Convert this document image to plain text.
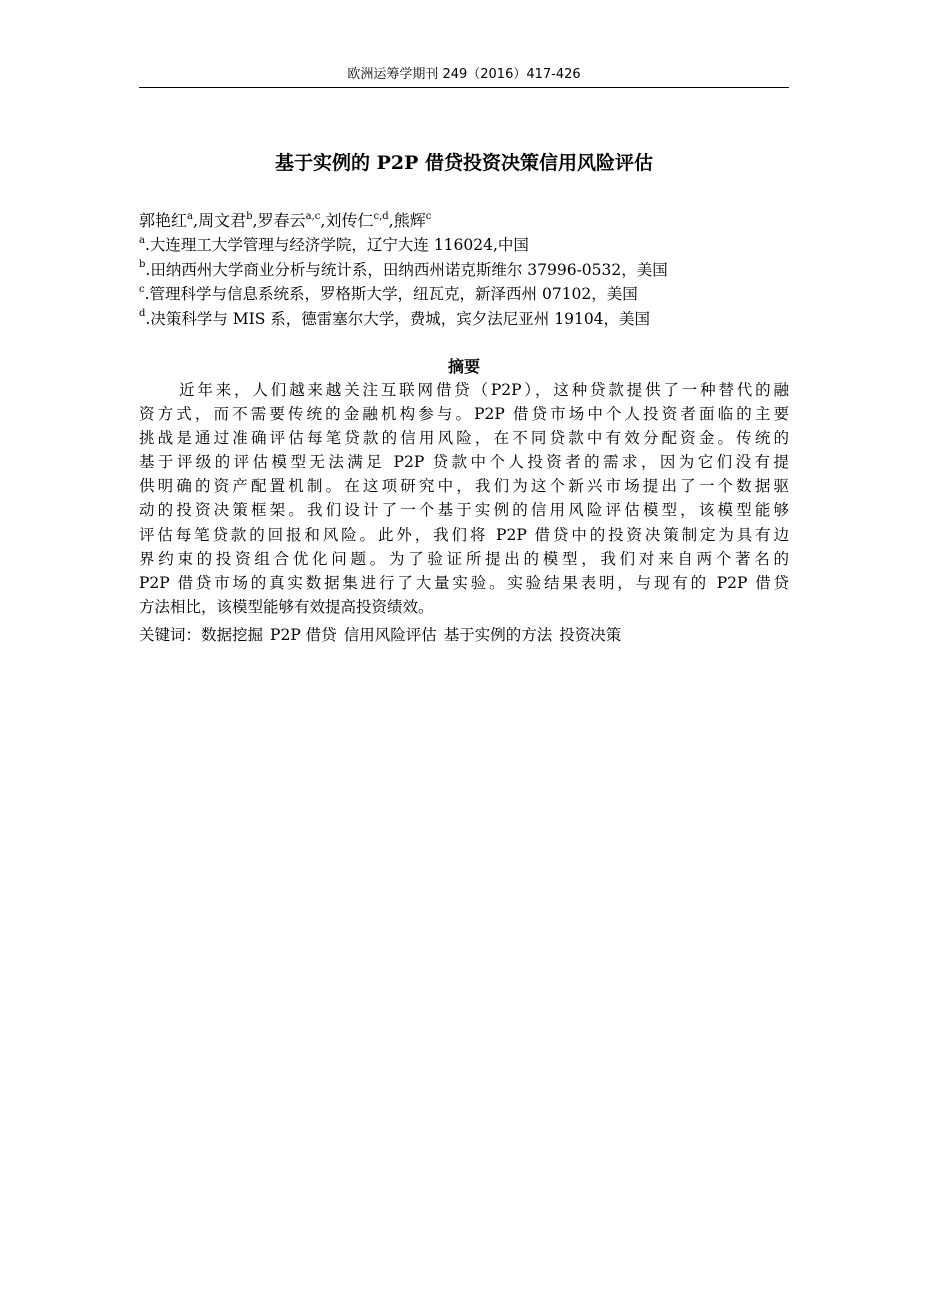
欧洲运筹学期刊 249（2016）417-426
基于实例的 P2P 借贷投资决策信用风险评估
郭艳红$^a$,周文君$^b$,罗春云$^{a,c}$,刘传仁$^{c,d}$,熊辉$^c$
$^a$.大连理工大学管理与经济学院，辽宁大连 116024,中国
$^b$.田纳西州大学商业分析与统计系，田纳西州诺克斯维尔 37996-0532，美国
$^c$.管理科学与信息系统系，罗格斯大学，纽瓦克，新泽西州 07102，美国
$^d$.决策科学与 MIS 系，德雷塞尔大学，费城，宾夕法尼亚州 19104，美国
摘要
近年来，人们越来越关注互联网借贷（P2P），这种贷款提供了一种替代的融
资方式，而不需要传统的金融机构参与。P2P 借贷市场中个人投资者面临的主要
挑战是通过准确评估每笔贷款的信用风险，在不同贷款中有效分配资金。传统的
基于评级的评估模型无法满足 P2P 贷款中个人投资者的需求，因为它们没有提
供明确的资产配置机制。在这项研究中，我们为这个新兴市场提出了一个数据驱
动的投资决策框架。我们设计了一个基于实例的信用风险评估模型，该模型能够
评估每笔贷款的回报和风险。此外，我们将 P2P 借贷中的投资决策制定为具有边
界约束的投资组合优化问题。为了验证所提出的模型，我们对来自两个著名的
P2P 借贷市场的真实数据集进行了大量实验。实验结果表明，与现有的 P2P 借贷
方法相比，该模型能够有效提高投资绩效。
关键词：数据挖掘 P2P 借贷 信用风险评估 基于实例的方法 投资决策
